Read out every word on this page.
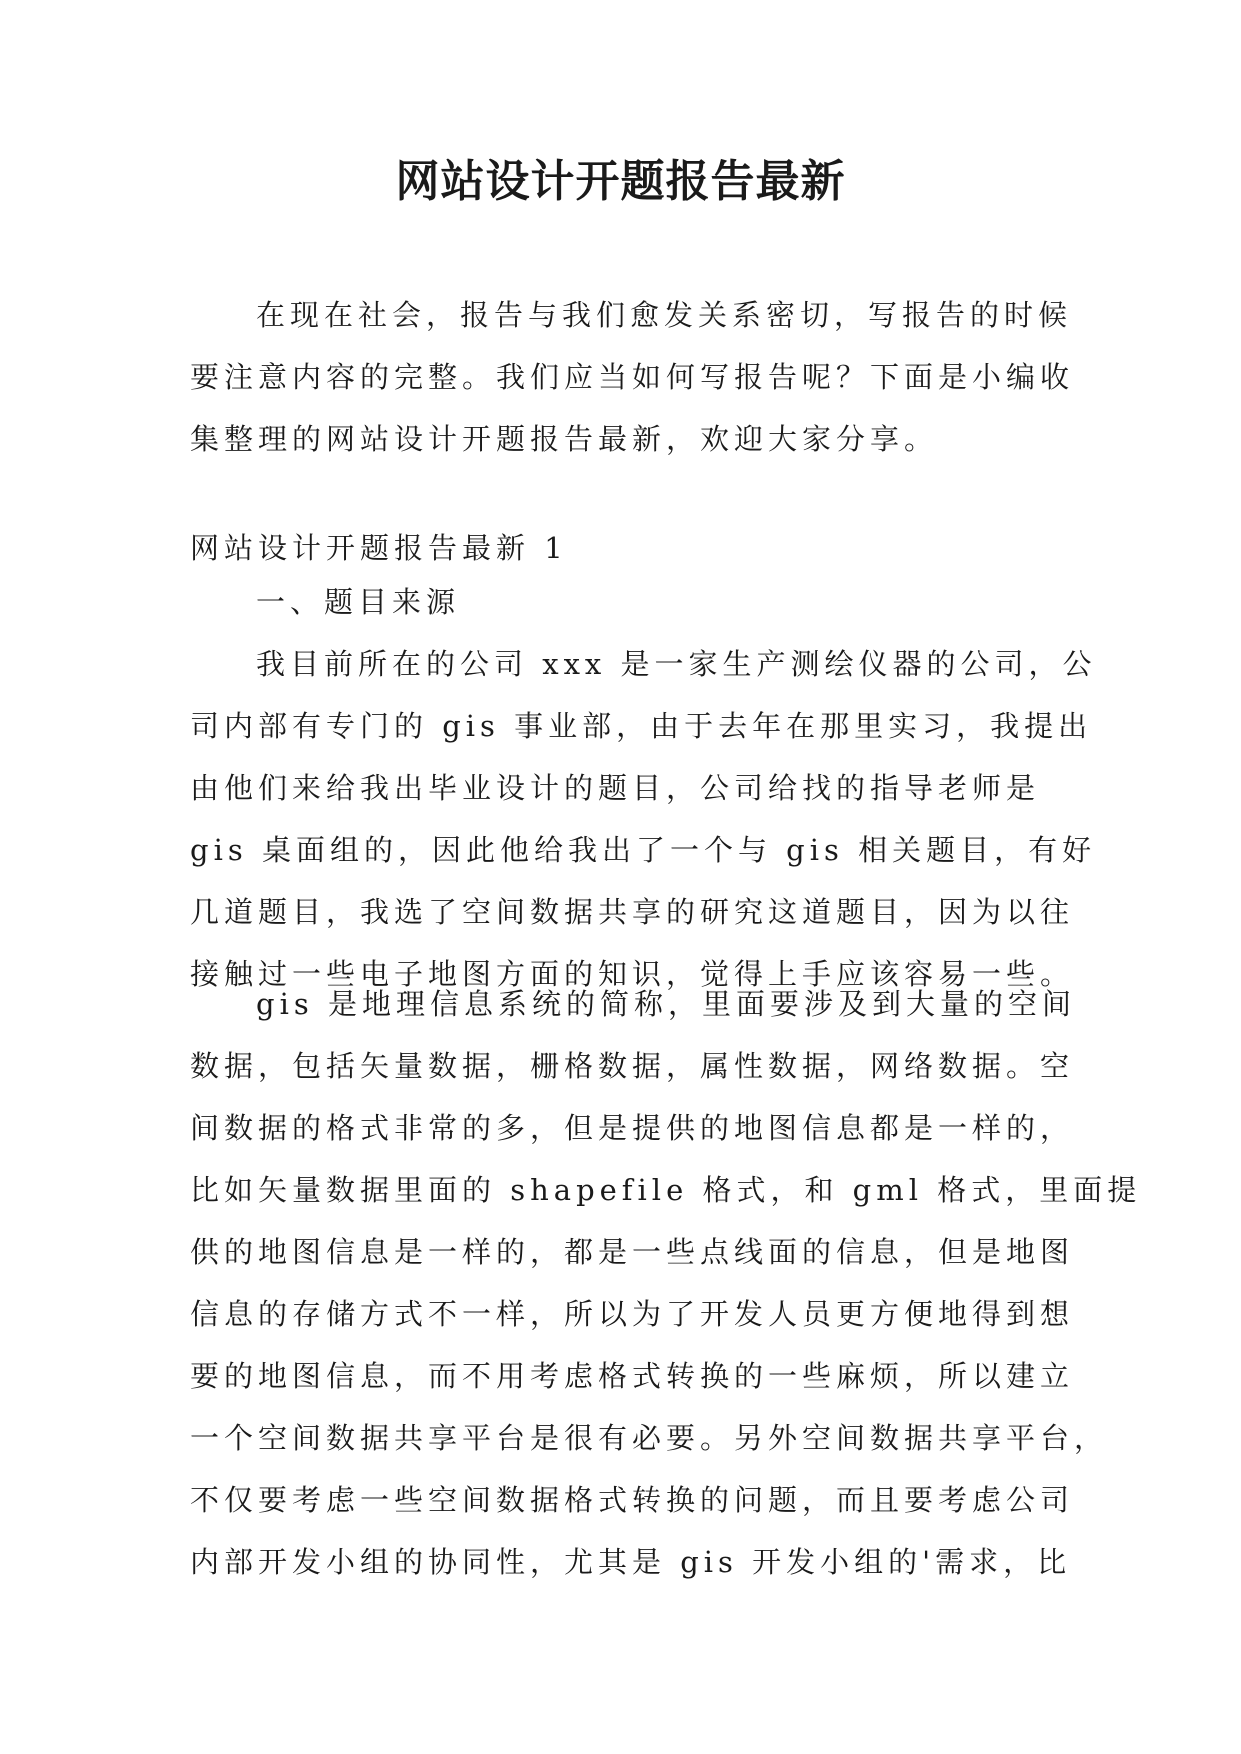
网站设计开题报告最新
在现在社会，报告与我们愈发关系密切，写报告的时候
要注意内容的完整。我们应当如何写报告呢？下面是小编收
集整理的网站设计开题报告最新，欢迎大家分享。
网站设计开题报告最新 1
一、题目来源
我目前所在的公司 xxx 是一家生产测绘仪器的公司，公
司内部有专门的 gis 事业部，由于去年在那里实习，我提出
由他们来给我出毕业设计的题目，公司给找的指导老师是
gis 桌面组的，因此他给我出了一个与 gis 相关题目，有好
几道题目，我选了空间数据共享的研究这道题目，因为以往
接触过一些电子地图方面的知识，觉得上手应该容易一些。
gis 是地理信息系统的简称，里面要涉及到大量的空间
数据，包括矢量数据，栅格数据，属性数据，网络数据。空
间数据的格式非常的多，但是提供的地图信息都是一样的，
比如矢量数据里面的 shapefile 格式，和 gml 格式，里面提
供的地图信息是一样的，都是一些点线面的信息，但是地图
信息的存储方式不一样，所以为了开发人员更方便地得到想
要的地图信息，而不用考虑格式转换的一些麻烦，所以建立
一个空间数据共享平台是很有必要。另外空间数据共享平台，
不仅要考虑一些空间数据格式转换的问题，而且要考虑公司
内部开发小组的协同性，尤其是 gis 开发小组的'需求，比
